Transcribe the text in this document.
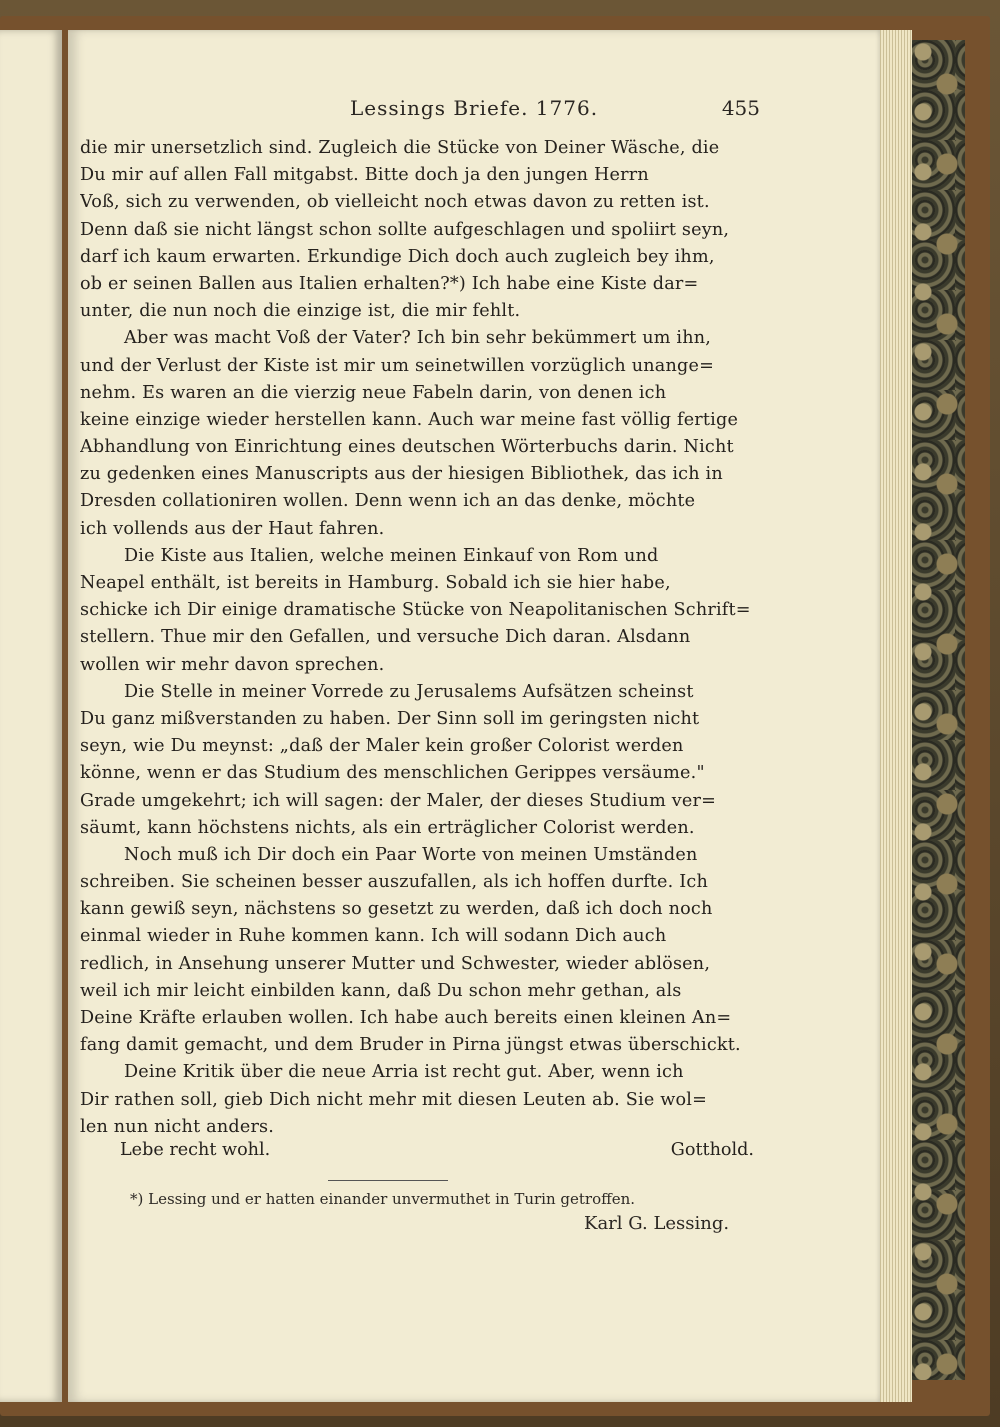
Lessings Briefe. 1776.	455
die mir unersetzlich sind. Zugleich die Stücke von Deiner Wäsche, die
Du mir auf allen Fall mitgabst. Bitte doch ja den jungen Herrn
Voß, sich zu verwenden, ob vielleicht noch etwas davon zu retten ist.
Denn daß sie nicht längst schon sollte aufgeschlagen und spoliirt seyn,
darf ich kaum erwarten. Erkundige Dich doch auch zugleich bey ihm,
ob er seinen Ballen aus Italien erhalten?*) Ich habe eine Kiste dar=
unter, die nun noch die einzige ist, die mir fehlt.
Aber was macht Voß der Vater? Ich bin sehr bekümmert um ihn,
und der Verlust der Kiste ist mir um seinetwillen vorzüglich unange=
nehm. Es waren an die vierzig neue Fabeln darin, von denen ich
keine einzige wieder herstellen kann. Auch war meine fast völlig fertige
Abhandlung von Einrichtung eines deutschen Wörterbuchs darin. Nicht
zu gedenken eines Manuscripts aus der hiesigen Bibliothek, das ich in
Dresden collationiren wollen. Denn wenn ich an das denke, möchte
ich vollends aus der Haut fahren.
Die Kiste aus Italien, welche meinen Einkauf von Rom und
Neapel enthält, ist bereits in Hamburg. Sobald ich sie hier habe,
schicke ich Dir einige dramatische Stücke von Neapolitanischen Schrift=
stellern. Thue mir den Gefallen, und versuche Dich daran. Alsdann
wollen wir mehr davon sprechen.
Die Stelle in meiner Vorrede zu Jerusalems Aufsätzen scheinst
Du ganz mißverstanden zu haben. Der Sinn soll im geringsten nicht
seyn, wie Du meynst: „daß der Maler kein großer Colorist werden
könne, wenn er das Studium des menschlichen Gerippes versäume."
Grade umgekehrt; ich will sagen: der Maler, der dieses Studium ver=
säumt, kann höchstens nichts, als ein erträglicher Colorist werden.
Noch muß ich Dir doch ein Paar Worte von meinen Umständen
schreiben. Sie scheinen besser auszufallen, als ich hoffen durfte. Ich
kann gewiß seyn, nächstens so gesetzt zu werden, daß ich doch noch
einmal wieder in Ruhe kommen kann. Ich will sodann Dich auch
redlich, in Ansehung unserer Mutter und Schwester, wieder ablösen,
weil ich mir leicht einbilden kann, daß Du schon mehr gethan, als
Deine Kräfte erlauben wollen. Ich habe auch bereits einen kleinen An=
fang damit gemacht, und dem Bruder in Pirna jüngst etwas überschickt.
Deine Kritik über die neue Arria ist recht gut. Aber, wenn ich
Dir rathen soll, gieb Dich nicht mehr mit diesen Leuten ab. Sie wol=
len nun nicht anders.
Lebe recht wohl.	Gotthold.
*) Lessing und er hatten einander unvermuthet in Turin getroffen.
Karl G. Lessing.
